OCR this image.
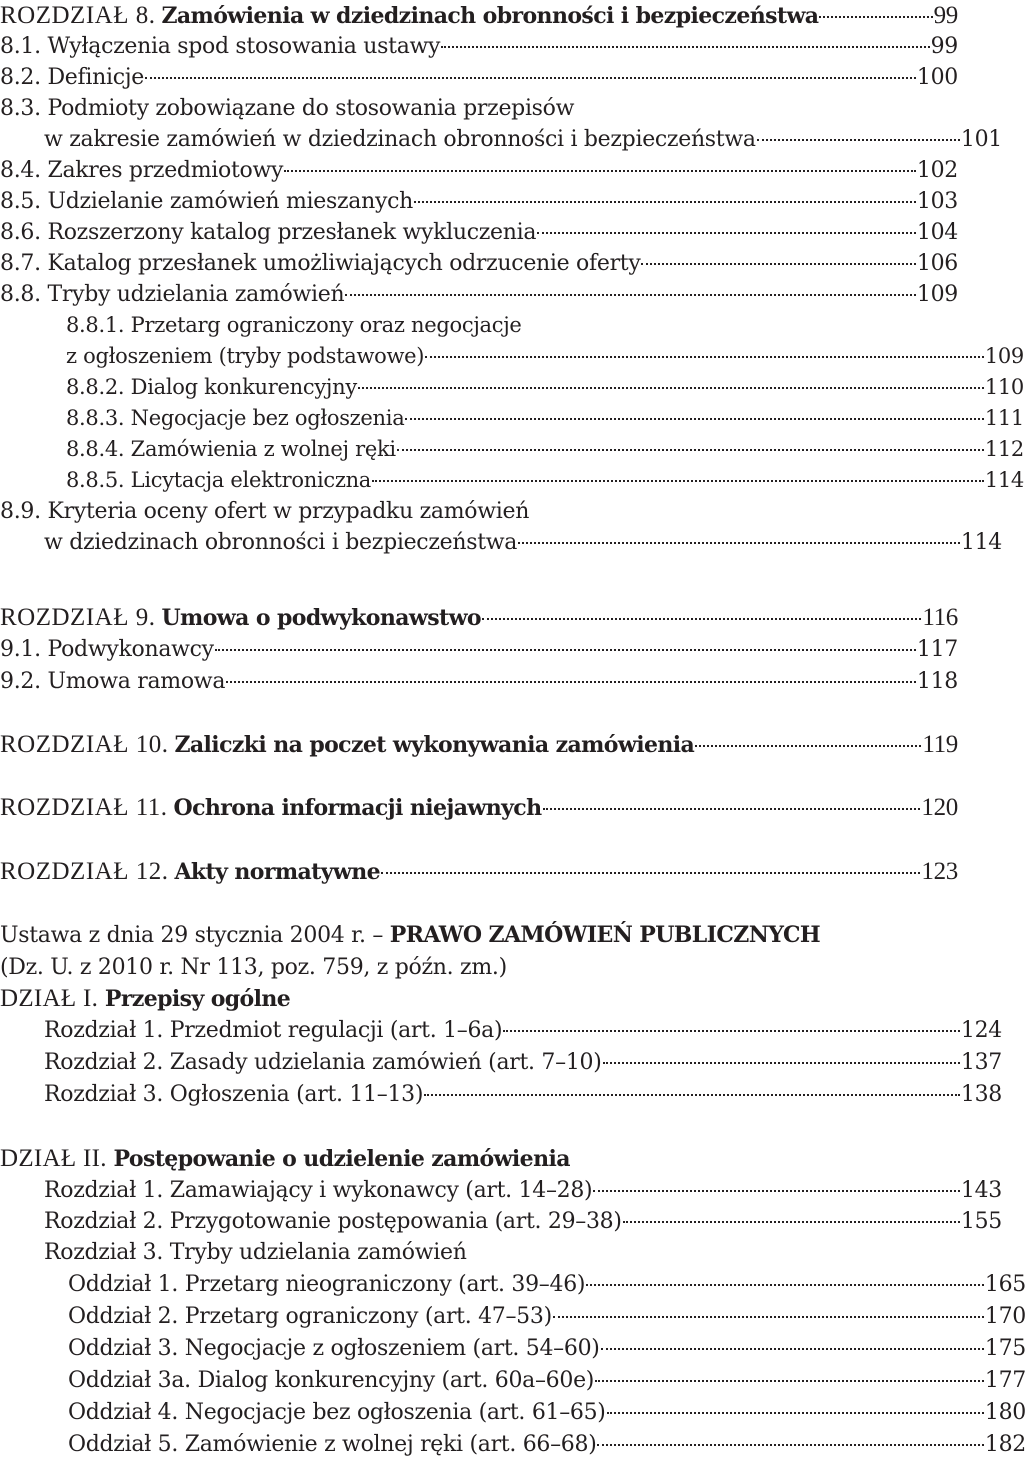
ROZDZIAŁ 8. Zamówienia w dziedzinach obronności i bezpieczeństwa	99
8.1. Wyłączenia spod stosowania ustawy	99
8.2. Definicje	100
8.3. Podmioty zobowiązane do stosowania przepisów
w zakresie zamówień w dziedzinach obronności i bezpieczeństwa	101
8.4. Zakres przedmiotowy	102
8.5. Udzielanie zamówień mieszanych	103
8.6. Rozszerzony katalog przesłanek wykluczenia	104
8.7. Katalog przesłanek umożliwiających odrzucenie oferty	106
8.8. Tryby udzielania zamówień	109
8.8.1. Przetarg ograniczony oraz negocjacje
z ogłoszeniem (tryby podstawowe)	109
8.8.2. Dialog konkurencyjny	110
8.8.3. Negocjacje bez ogłoszenia	111
8.8.4. Zamówienia z wolnej ręki	112
8.8.5. Licytacja elektroniczna	114
8.9. Kryteria oceny ofert w przypadku zamówień
w dziedzinach obronności i bezpieczeństwa	114
ROZDZIAŁ 9. Umowa o podwykonawstwo	116
9.1. Podwykonawcy	117
9.2. Umowa ramowa	118
ROZDZIAŁ 10. Zaliczki na poczet wykonywania zamówienia	119
ROZDZIAŁ 11. Ochrona informacji niejawnych	120
ROZDZIAŁ 12. Akty normatywne	123
Ustawa z dnia 29 stycznia 2004 r. – PRAWO ZAMÓWIEŃ PUBLICZNYCH
(Dz. U. z 2010 r. Nr 113, poz. 759, z późn. zm.)
DZIAŁ I. Przepisy ogólne
Rozdział 1. Przedmiot regulacji (art. 1–6a)	124
Rozdział 2. Zasady udzielania zamówień (art. 7–10)	137
Rozdział 3. Ogłoszenia (art. 11–13)	138
DZIAŁ II. Postępowanie o udzielenie zamówienia
Rozdział 1. Zamawiający i wykonawcy (art. 14–28)	143
Rozdział 2. Przygotowanie postępowania (art. 29–38)	155
Rozdział 3. Tryby udzielania zamówień
Oddział 1. Przetarg nieograniczony (art. 39–46)	165
Oddział 2. Przetarg ograniczony (art. 47–53)	170
Oddział 3. Negocjacje z ogłoszeniem (art. 54–60)	175
Oddział 3a. Dialog konkurencyjny (art. 60a–60e)	177
Oddział 4. Negocjacje bez ogłoszenia (art. 61–65)	180
Oddział 5. Zamówienie z wolnej ręki (art. 66–68)	182
